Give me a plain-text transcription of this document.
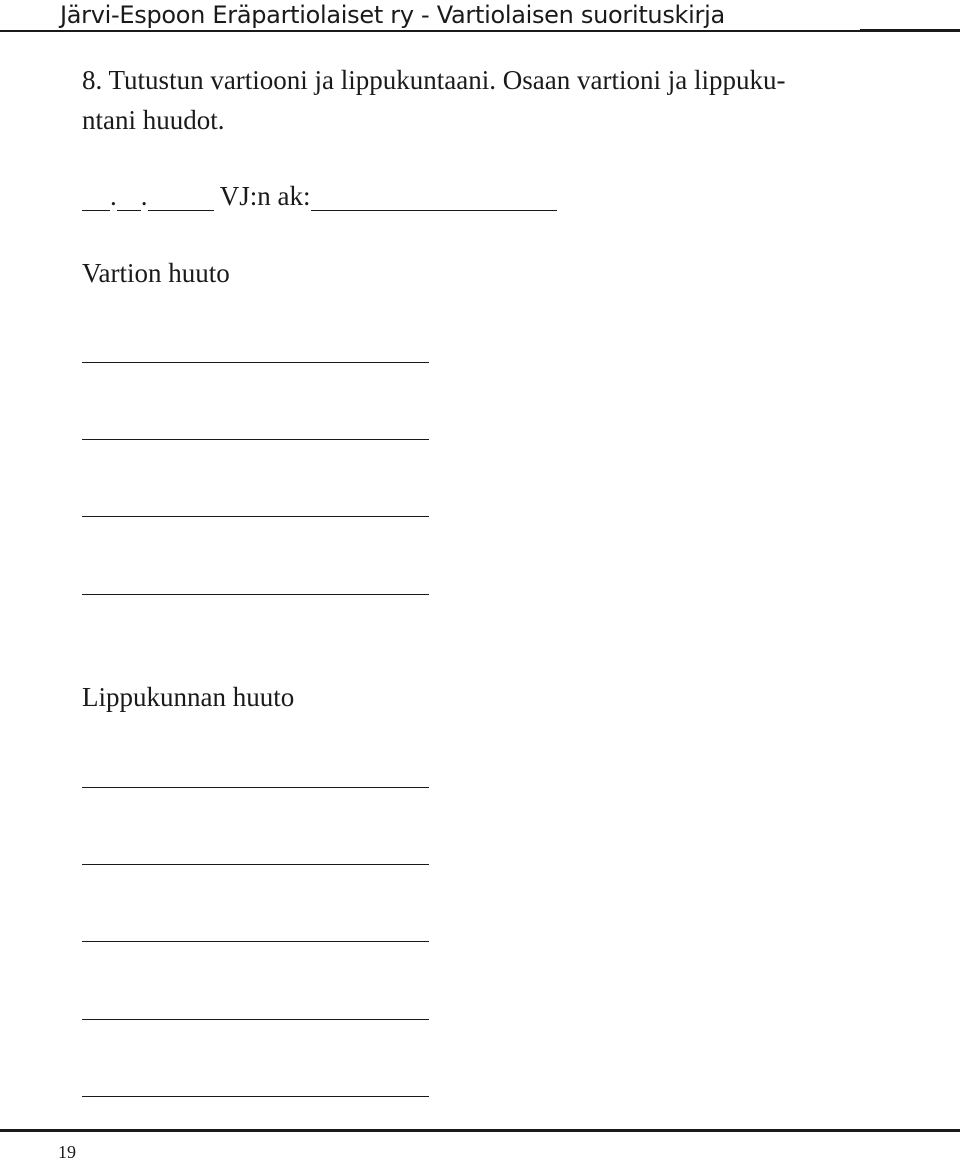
Järvi-Espoon Eräpartiolaiset ry - Vartiolaisen suorituskirja
8. Tutustun vartiooni ja lippukuntaani. Osaan vartioni ja lippuku-
ntani huudot.
. .	VJ:n ak:
Vartion huuto
Lippukunnan huuto
19
